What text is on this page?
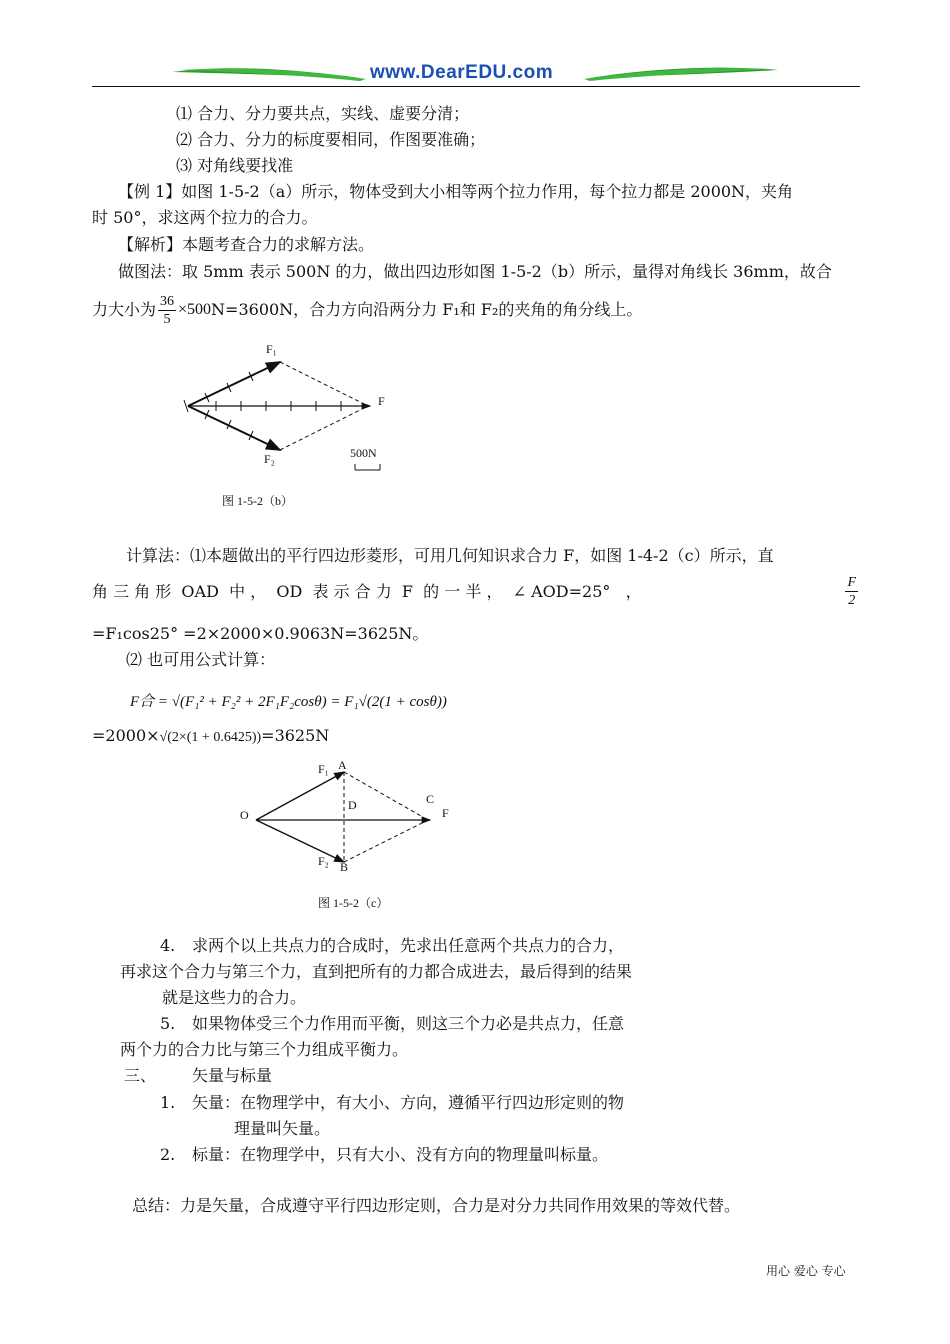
www.DearEDU.com
⑴ 合力、分力要共点，实线、虚要分清；
⑵ 合力、分力的标度要相同，作图要准确；
⑶ 对角线要找准
【例 1】如图 1-5-2（a）所示，物体受到大小相等两个拉力作用，每个拉力都是 2000N，夹角
时 50°，求这两个拉力的合力。
【解析】本题考查合力的求解方法。
做图法：取 5mm 表示 500N 的力，做出四边形如图 1-5-2（b）所示，量得对角线长 36mm，故合
力大小为 $\frac{36}{5} \times 500$ N=3600N，合力方向沿两分力 F₁和 F₂的夹角的角分线上。
F₁
F
F₂	500N
图 1-5-2（b）
计算法：⑴本题做出的平行四边形菱形，可用几何知识求合力 F，如图 1-4-2（c）所示，直
角 三 角 形  OAD  中 ，  OD  表 示 合 力  F  的 一 半 ，  ∠ AOD=25°   ，	$\frac{F}{2}$
=F₁cos25° =2×2000×0.9063N=3625N。
⑵ 也可用公式计算：
F合 = √(F₁² + F₂² + 2F₁F₂cosθ) = F₁√(2(1 + cosθ))
=2000×√(2×(1 + 0.6425))=3625N
F₁ A
O
D	C
F
F₂ B
图 1-5-2（c）
4. 求两个以上共点力的合成时，先求出任意两个共点力的合力，
再求这个合力与第三个力，直到把所有的力都合成进去，最后得到的结果
就是这些力的合力。
5. 如果物体受三个力作用而平衡，则这三个力必是共点力，任意
两个力的合力比与第三个力组成平衡力。
三、 矢量与标量
1. 矢量：在物理学中，有大小、方向，遵循平行四边形定则的物
理量叫矢量。
2. 标量：在物理学中，只有大小、没有方向的物理量叫标量。
总结：力是矢量，合成遵守平行四边形定则，合力是对分力共同作用效果的等效代替。
用心 爱心 专心
